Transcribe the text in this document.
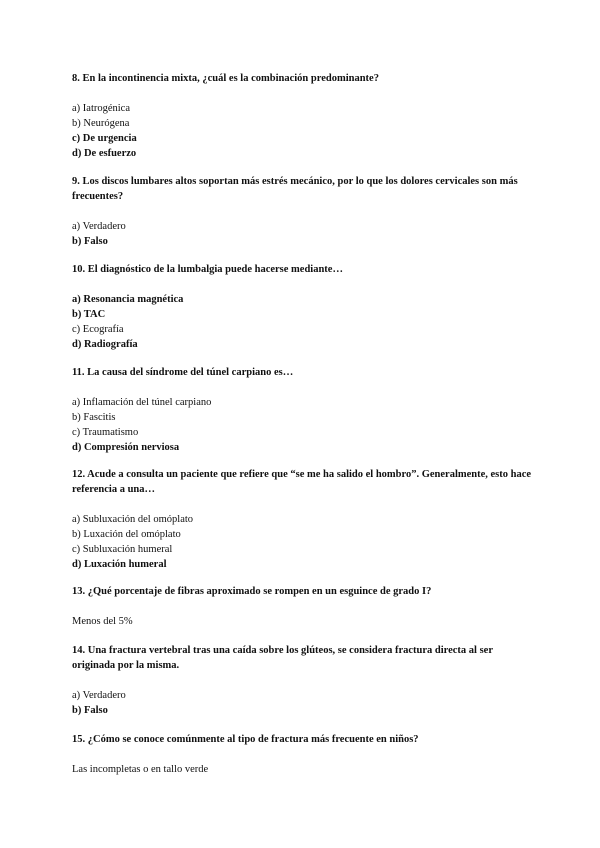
8. En la incontinencia mixta, ¿cuál es la combinación predominante?

a) Iatrogénica
b) Neurógena
c) De urgencia
d) De esfuerzo

9. Los discos lumbares altos soportan más estrés mecánico, por lo que los dolores cervicales son más frecuentes?

a) Verdadero
b) Falso

10. El diagnóstico de la lumbalgia puede hacerse mediante…

a) Resonancia magnética
b) TAC
c) Ecografía
d) Radiografía

11. La causa del síndrome del túnel carpiano es…

a) Inflamación del túnel carpiano
b) Fascitis
c) Traumatismo
d) Compresión nerviosa

12. Acude a consulta un paciente que refiere que “se me ha salido el hombro”. Generalmente, esto hace referencia a una…

a) Subluxación del omóplato
b) Luxación del omóplato
c) Subluxación humeral
d) Luxación humeral

13. ¿Qué porcentaje de fibras aproximado se rompen en un esguince de grado I?

Menos del 5%

14. Una fractura vertebral tras una caída sobre los glúteos, se considera fractura directa al ser originada por la misma.

a) Verdadero
b) Falso

15. ¿Cómo se conoce comúnmente al tipo de fractura más frecuente en niños?

Las incompletas o en tallo verde
